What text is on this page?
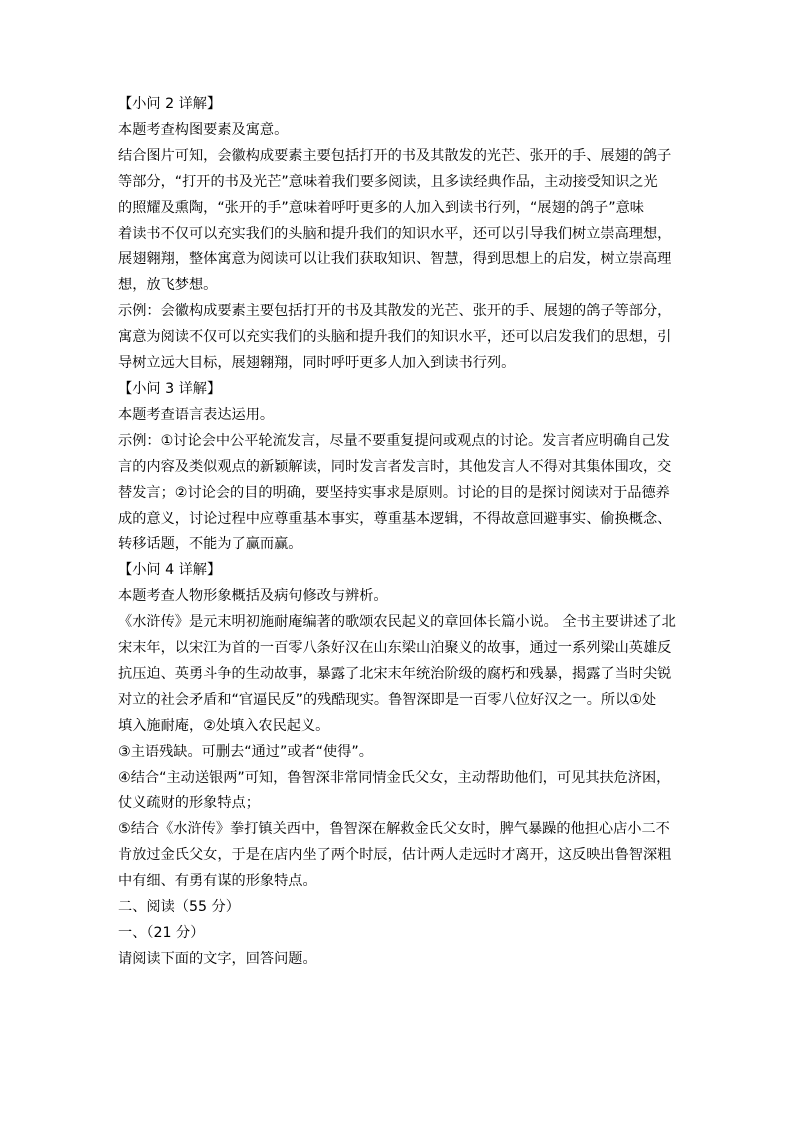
【小问 2 详解】
本题考查构图要素及寓意。
结合图片可知，会徽构成要素主要包括打开的书及其散发的光芒、张开的手、展翅的鸽子
等部分，“打开的书及光芒”意味着我们要多阅读，且多读经典作品，主动接受知识之光
的照耀及熏陶，“张开的手”意味着呼吁更多的人加入到读书行列，“展翅的鸽子”意味
着读书不仅可以充实我们的头脑和提升我们的知识水平，还可以引导我们树立崇高理想，
展翅翱翔，整体寓意为阅读可以让我们获取知识、智慧，得到思想上的启发，树立崇高理
想，放飞梦想。
示例：会徽构成要素主要包括打开的书及其散发的光芒、张开的手、展翅的鸽子等部分，
寓意为阅读不仅可以充实我们的头脑和提升我们的知识水平，还可以启发我们的思想，引
导树立远大目标，展翅翱翔，同时呼吁更多人加入到读书行列。
【小问 3 详解】
本题考查语言表达运用。
示例：①讨论会中公平轮流发言，尽量不要重复提问或观点的讨论。发言者应明确自己发
言的内容及类似观点的新颖解读，同时发言者发言时，其他发言人不得对其集体围攻，交
替发言；②讨论会的目的明确，要坚持实事求是原则。讨论的目的是探讨阅读对于品德养
成的意义，讨论过程中应尊重基本事实，尊重基本逻辑，不得故意回避事实、偷换概念、
转移话题，不能为了赢而赢。
【小问 4 详解】
本题考查人物形象概括及病句修改与辨析。
《水浒传》是元末明初施耐庵编著的歌颂农民起义的章回体长篇小说。 全书主要讲述了北
宋末年，以宋江为首的一百零八条好汉在山东梁山泊聚义的故事，通过一系列梁山英雄反
抗压迫、英勇斗争的生动故事，暴露了北宋末年统治阶级的腐朽和残暴，揭露了当时尖锐
对立的社会矛盾和“官逼民反”的残酷现实。鲁智深即是一百零八位好汉之一。所以①处
填入施耐庵，②处填入农民起义。
③主语残缺。可删去“通过”或者“使得”。
④结合“主动送银两”可知，鲁智深非常同情金氏父女，主动帮助他们，可见其扶危济困，
仗义疏财的形象特点；
⑤结合《水浒传》拳打镇关西中，鲁智深在解救金氏父女时，脾气暴躁的他担心店小二不
肯放过金氏父女，于是在店内坐了两个时辰，估计两人走远时才离开，这反映出鲁智深粗
中有细、有勇有谋的形象特点。
二、阅读（55 分）
一、（21 分）
请阅读下面的文字，回答问题。
